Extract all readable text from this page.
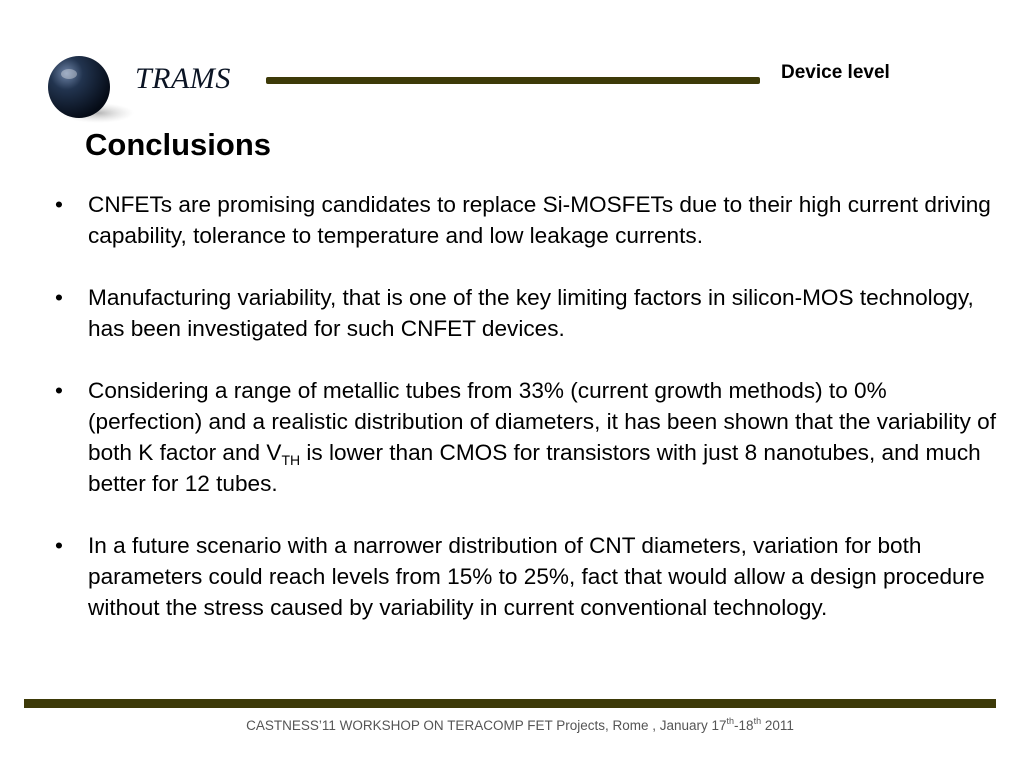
TRAMS	Device level
Conclusions
• CNFETs are promising candidates to replace Si-MOSFETs due to their high current driving capability, tolerance to temperature and low leakage currents.
• Manufacturing variability, that is one of the key limiting factors in silicon-MOS technology, has been investigated for such CNFET devices.
• Considering a range of metallic tubes from 33% (current growth methods) to 0% (perfection) and a realistic distribution of diameters, it has been shown that the variability of both K factor and $V_{TH}$ is lower than CMOS for transistors with just 8 nanotubes, and much better for 12 tubes.
• In a future scenario with a narrower distribution of CNT diameters, variation for both parameters could reach levels from 15% to 25%, fact that would allow a design procedure without the stress caused by variability in current conventional technology.
CASTNESS’11 WORKSHOP ON TERACOMP FET Projects, Rome , January 17th-18th 2011
